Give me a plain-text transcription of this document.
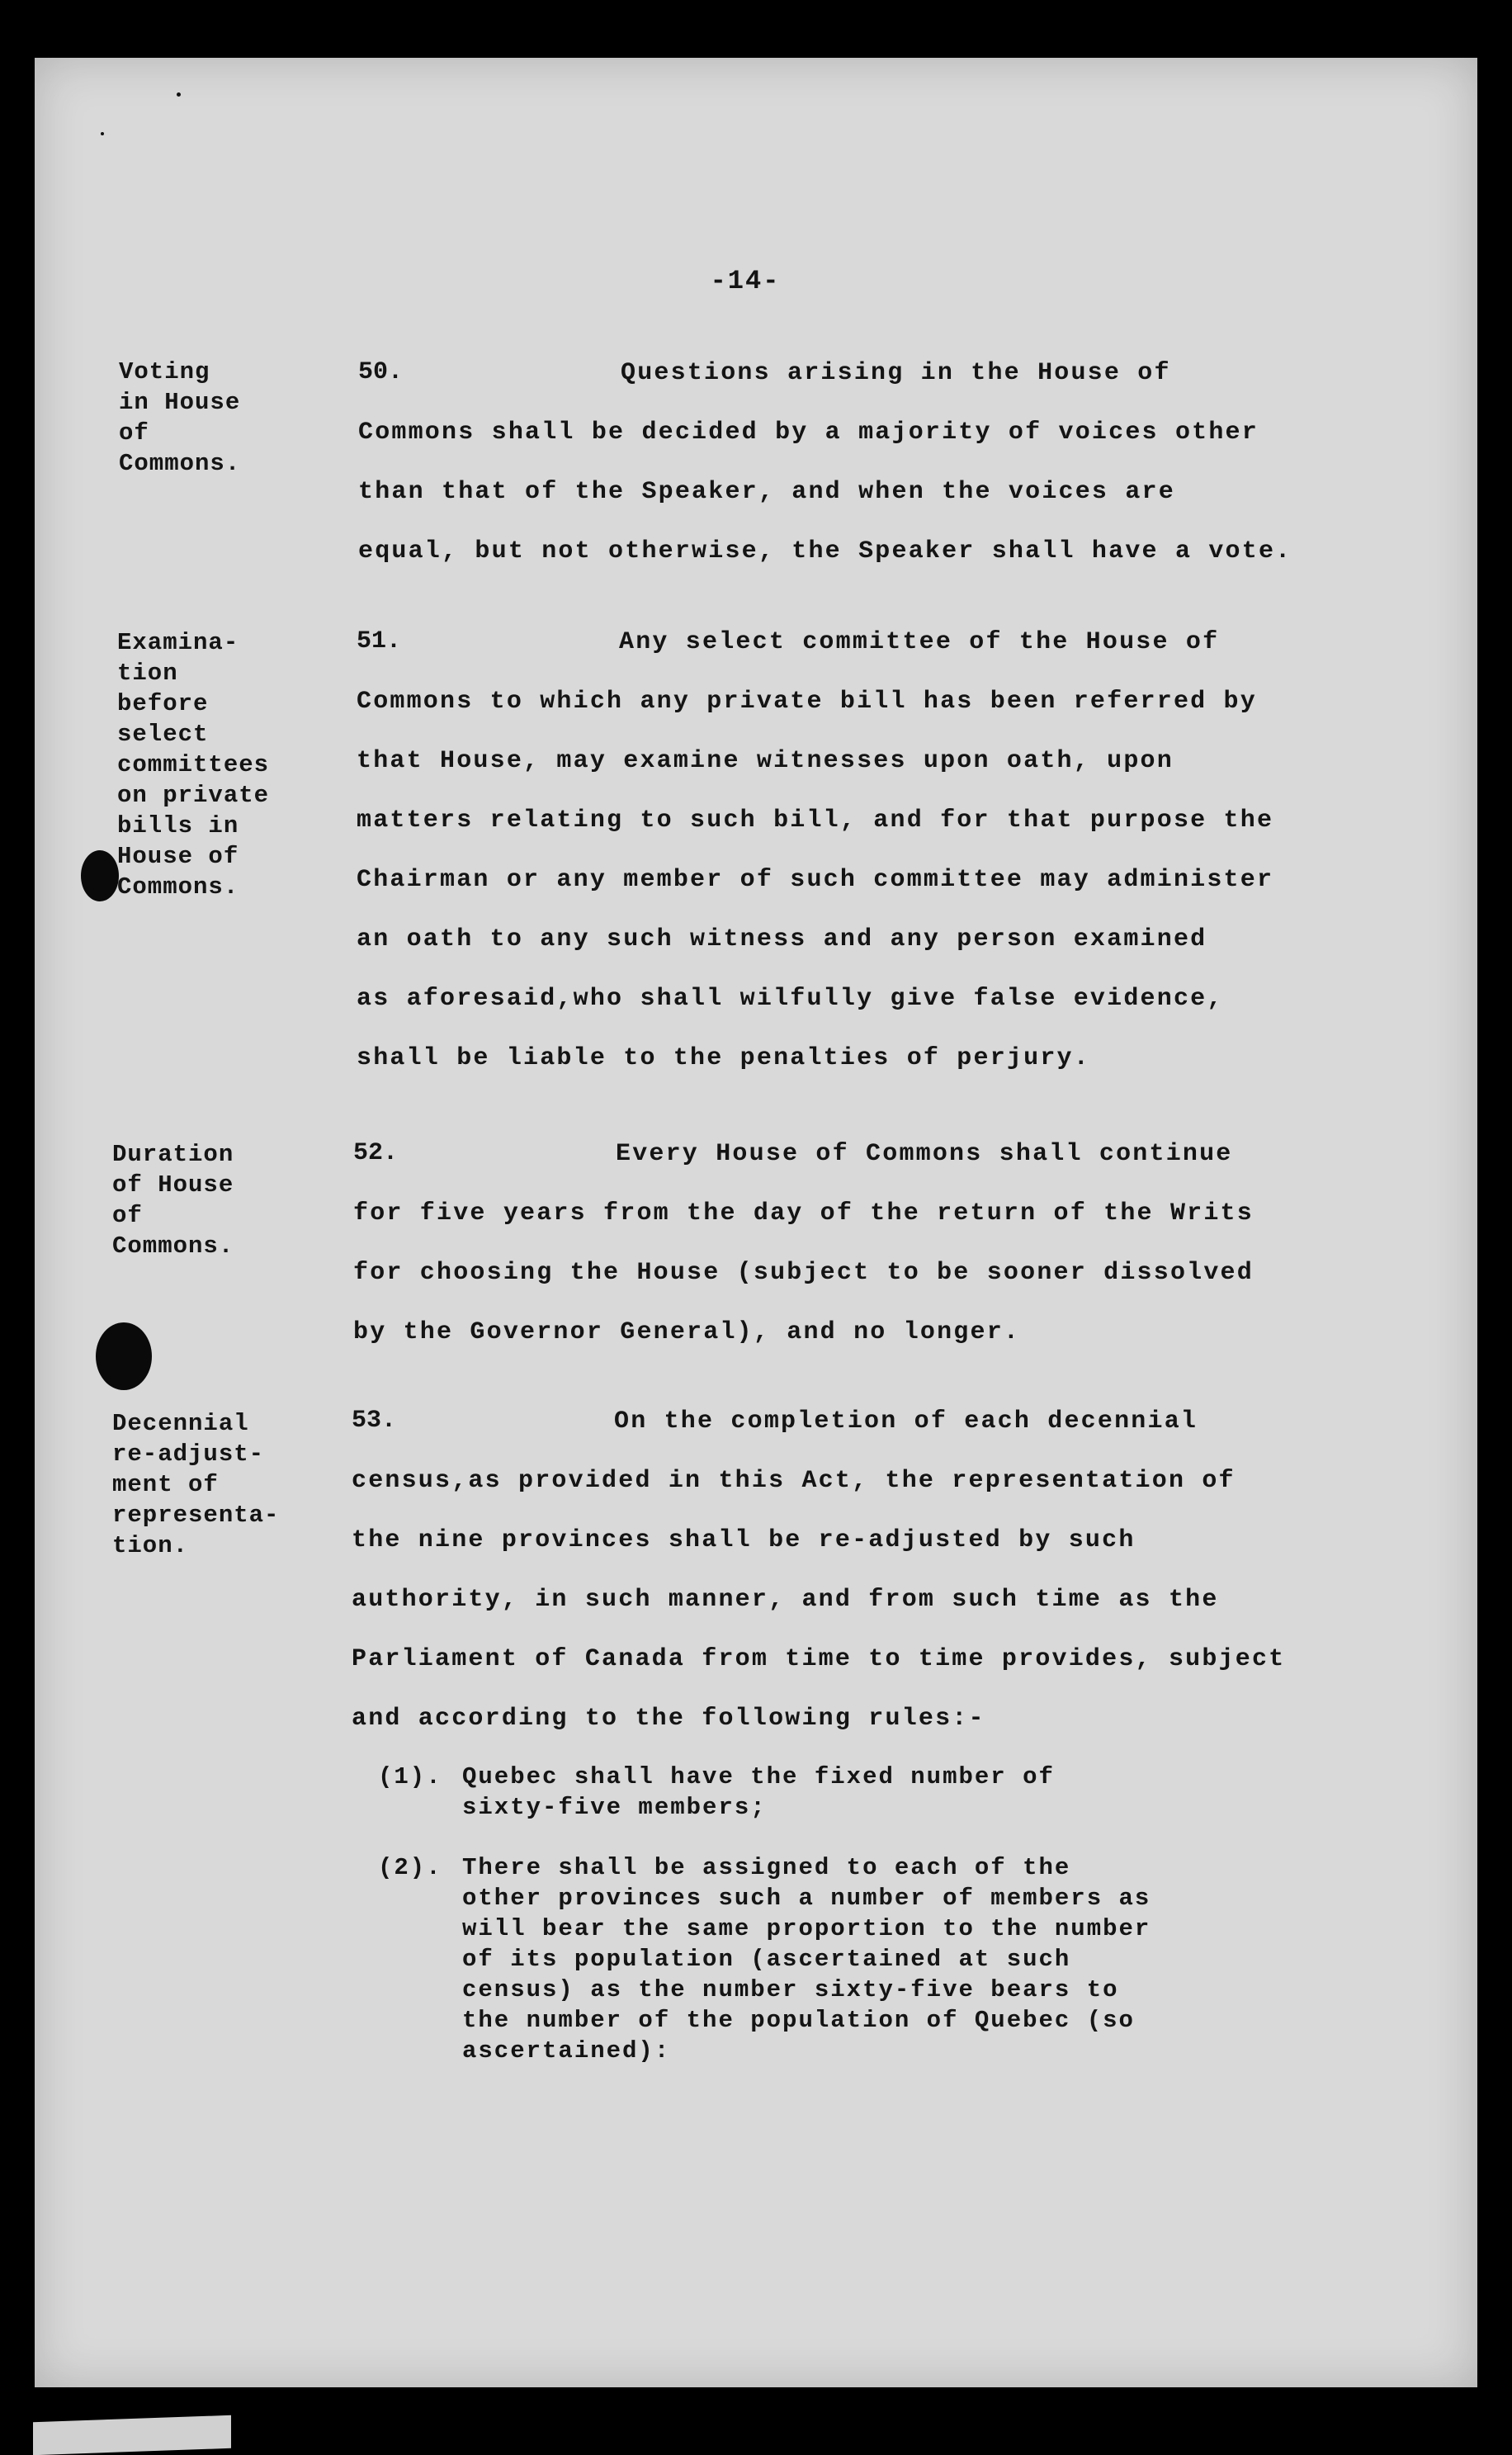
-14-
Voting
in House
of
Commons.
50.	Questions arising in the House of
Commons shall be decided by a majority of voices other
than that of the Speaker, and when the voices are
equal, but not otherwise, the Speaker shall have a vote.
Examina-
tion
before
select
committees
on private
bills in
House of
Commons.
51.	Any select committee of the House of
Commons to which any private bill has been referred by
that House, may examine witnesses upon oath, upon
matters relating to such bill, and for that purpose the
Chairman or any member of such committee may administer
an oath to any such witness and any person examined
as aforesaid,who shall wilfully give false evidence,
shall be liable to the penalties of perjury.
Duration
of House
of
Commons.
52.	Every House of Commons shall continue
for five years from the day of the return of the Writs
for choosing the House (subject to be sooner dissolved
by the Governor General), and no longer.
Decennial
re-adjust-
ment of
representa-
tion.
53.	On the completion of each decennial
census,as provided in this Act, the representation of
the nine provinces shall be re-adjusted by such
authority, in such manner, and from such time as the
Parliament of Canada from time to time provides, subject
and according to the following rules:-
(1). Quebec shall have the fixed number of
sixty-five members;
(2). There shall be assigned to each of the
other provinces such a number of members as
will bear the same proportion to the number
of its population (ascertained at such
census) as the number sixty-five bears to
the number of the population of Quebec (so
ascertained):
